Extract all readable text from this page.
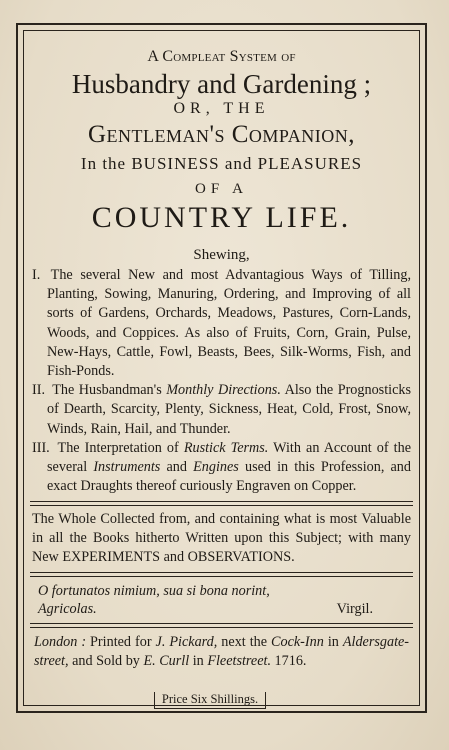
A Compleat System of
Husbandry and Gardening ;
OR, THE
Gentleman's Companion,
In the BUSINESS and PLEASURES
OF A
COUNTRY LIFE.
Shewing,
I. The several New and most Advantagious Ways of Tilling, Planting, Sowing, Manuring, Ordering, and Improving of all sorts of Gardens, Orchards, Meadows, Pastures, Corn-Lands, Woods, and Coppices. As also of Fruits, Corn, Grain, Pulse, New-Hays, Cattle, Fowl, Beasts, Bees, Silk-Worms, Fish, and Fish-Ponds.
II. The Husbandman's Monthly Directions. Also the Prognosticks of Dearth, Scarcity, Plenty, Sickness, Heat, Cold, Frost, Snow, Winds, Rain, Hail, and Thunder.
III. The Interpretation of Rustick Terms. With an Account of the several Instruments and Engines used in this Profession, and exact Draughts thereof curiously Engraven on Copper.
The Whole Collected from, and containing what is most Valuable in all the Books hitherto Written upon this Subject; with many New EXPERIMENTS and OBSERVATIONS.
O fortunatos nimium, sua si bona norint,
Agricolas.	Virgil.
London : Printed for J. Pickard, next the Cock-Inn in Aldersgate-street, and Sold by E. Curll in Fleetstreet. 1716.
Price Six Shillings.
